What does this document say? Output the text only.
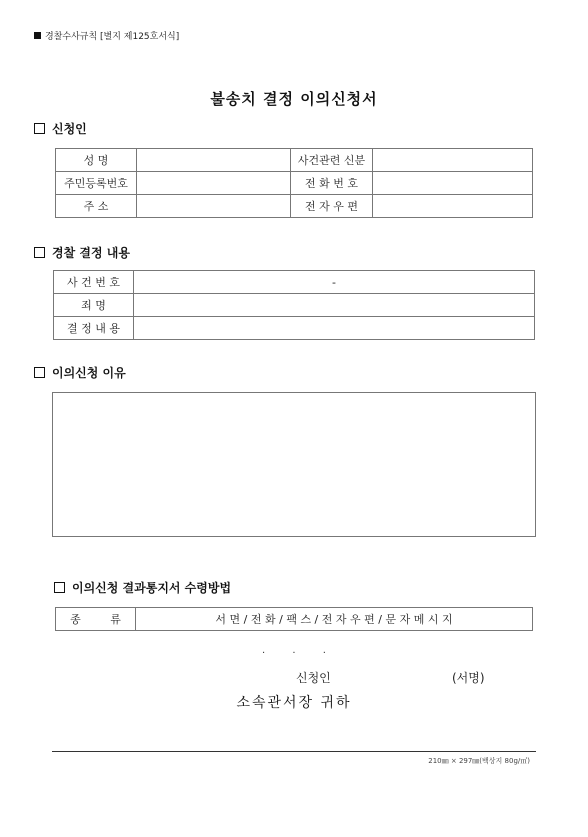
경찰수사규칙 [별지 제125호서식]
불송치 결정 이의신청서
신청인
성 명		사건관련 신분	
주민등록번호		전 화 번 호	
주 소		전 자 우 편	
경찰 결정 내용
사 건 번 호	-
죄 명	
결 정 내 용	
이의신청 이유
이의신청 결과통지서 수령방법
종 류	서 면 / 전 화 / 팩 스 / 전 자 우 편 / 문 자 메 시 지
. . .
신청인	(서명)
소속관서장 귀하
210㎜ × 297㎜(백상지 80g/㎡)
